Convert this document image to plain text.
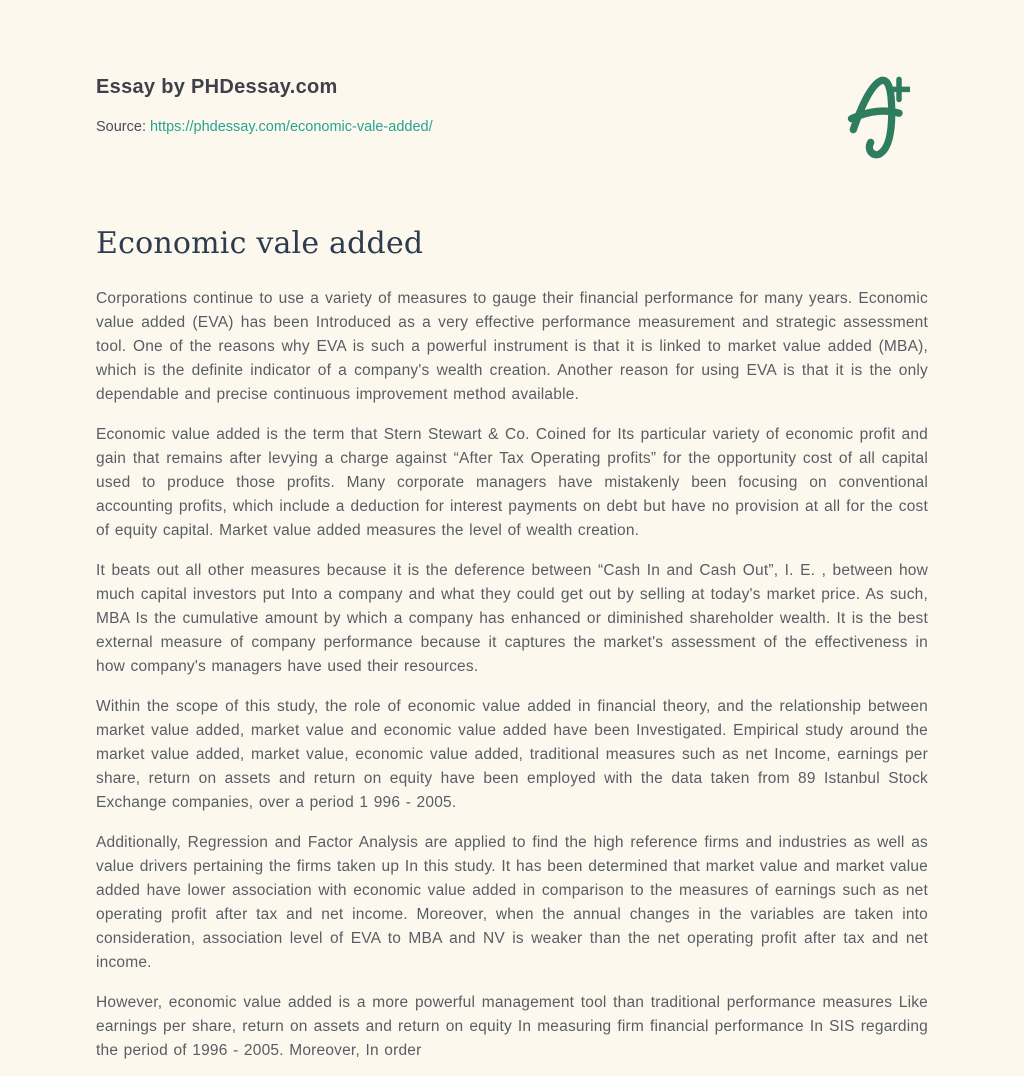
Essay by PHDessay.com
Source: https://phdessay.com/economic-vale-added/
Economic vale added

Corporations continue to use a variety of measures to gauge their financial performance for many years. Economic value added (EVA) has been Introduced as a very effective performance measurement and strategic assessment tool. One of the reasons why EVA is such a powerful instrument is that it is linked to market value added (MBA), which is the definite indicator of a company's wealth creation. Another reason for using EVA is that it is the only dependable and precise continuous improvement method available.

Economic value added is the term that Stern Stewart & Co. Coined for Its particular variety of economic profit and gain that remains after levying a charge against “After Tax Operating profits” for the opportunity cost of all capital used to produce those profits. Many corporate managers have mistakenly been focusing on conventional accounting profits, which include a deduction for interest payments on debt but have no provision at all for the cost of equity capital. Market value added measures the level of wealth creation.

It beats out all other measures because it is the deference between “Cash In and Cash Out”, I. E. , between how much capital investors put Into a company and what they could get out by selling at today's market price. As such, MBA Is the cumulative amount by which a company has enhanced or diminished shareholder wealth. It is the best external measure of company performance because it captures the market's assessment of the effectiveness in how company's managers have used their resources.

Within the scope of this study, the role of economic value added in financial theory, and the relationship between market value added, market value and economic value added have been Investigated. Empirical study around the market value added, market value, economic value added, traditional measures such as net Income, earnings per share, return on assets and return on equity have been employed with the data taken from 89 Istanbul Stock Exchange companies, over a period 1 996 - 2005.

Additionally, Regression and Factor Analysis are applied to find the high reference firms and industries as well as value drivers pertaining the firms taken up In this study. It has been determined that market value and market value added have lower association with economic value added in comparison to the measures of earnings such as net operating profit after tax and net income. Moreover, when the annual changes in the variables are taken into consideration, association level of EVA to MBA and NV is weaker than the net operating profit after tax and net income.

However, economic value added is a more powerful management tool than traditional performance measures Like earnings per share, return on assets and return on equity In measuring firm financial performance In SIS regarding the period of 1996 - 2005. Moreover, In order
